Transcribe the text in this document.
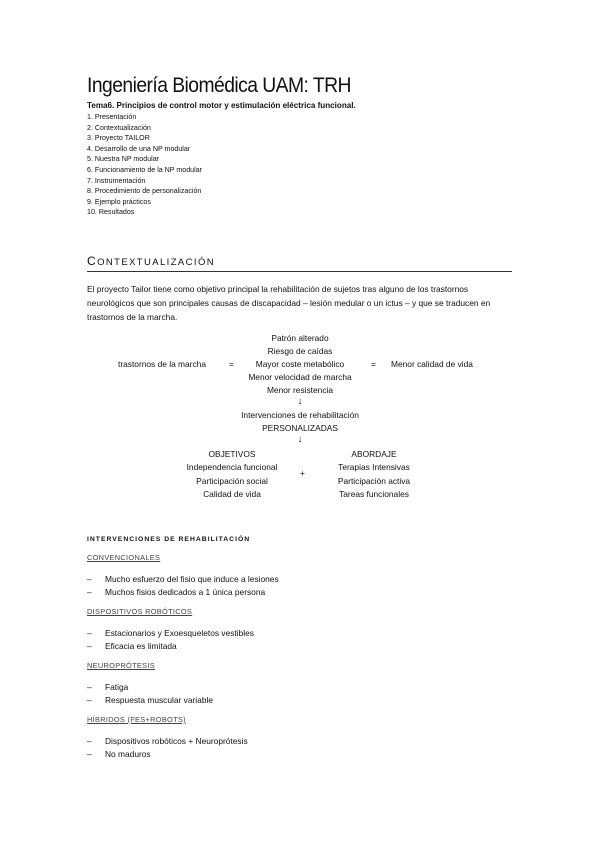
Ingeniería Biomédica UAM: TRH
Tema6. Principios de control motor y estimulación eléctrica funcional.
1. Presentación
2. Contextualización
3. Proyecto TAILOR
4. Desarrollo de una NP modular
5. Nuestra NP modular
6. Funcionamiento de la NP modular
7. Instrumentación
8. Procedimiento de personalización
9. Ejemplo prácticos
10. Resultados
CONTEXTUALIZACIÓN
El proyecto Tailor tiene como objetivo principal la rehabilitación de sujetos tras alguno de los trastornos neurológicos que son principales causas de discapacidad – lesión medular o un ictus – y que se traducen en trastornos de la marcha.
Patrón alterado
Riesgo de caídas
Mayor coste metabólico
Menor velocidad de marcha
Menor resistencia
trastornos de la marcha	=	= Menor calidad de vida
↓
Intervenciones de rehabilitación
PERSONALIZADAS
↓
OBJETIVOS
Independencia funcional
Participación social
Calidad de vida
+
ABORDAJE
Terapias Intensivas
Participación activa
Tareas funcionales
INTERVENCIONES DE REHABILITACIÓN
CONVENCIONALES
– Mucho esfuerzo del fisio que induce a lesiones
– Muchos fisios dedicados a 1 única persona
DISPOSITIVOS ROBÓTICOS
– Estacionarios y Exoesqueletos vestibles
– Eficacia es limitada
NEUROPRÓTESIS
– Fatiga
– Respuesta muscular variable
HÍBRIDOS (FES+ROBOTS)
– Dispositivos robóticos + Neuroprótesis
– No maduros
